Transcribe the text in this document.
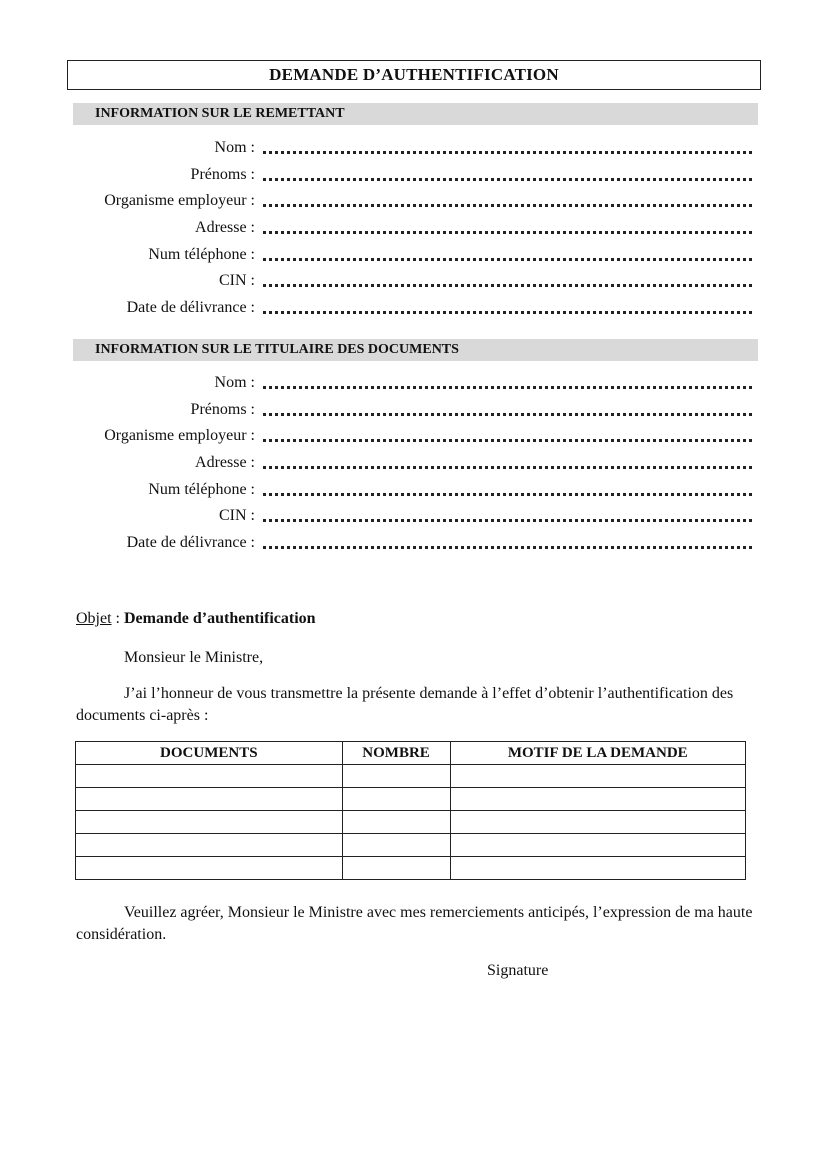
DEMANDE D’AUTHENTIFICATION
INFORMATION SUR LE REMETTANT
Nom :
Prénoms :
Organisme employeur :
Adresse :
Num téléphone :
CIN :
Date de délivrance :
INFORMATION SUR LE TITULAIRE DES DOCUMENTS
Nom :
Prénoms :
Organisme employeur :
Adresse :
Num téléphone :
CIN :
Date de délivrance :
Objet : Demande d’authentification
Monsieur le Ministre,
J’ai l’honneur de vous transmettre la présente demande à l’effet d’obtenir l’authentification des documents ci-après :
DOCUMENTS	NOMBRE	MOTIF DE LA DEMANDE

Veuillez agréer, Monsieur le Ministre avec mes remerciements anticipés, l’expression de ma haute considération.
Signature
